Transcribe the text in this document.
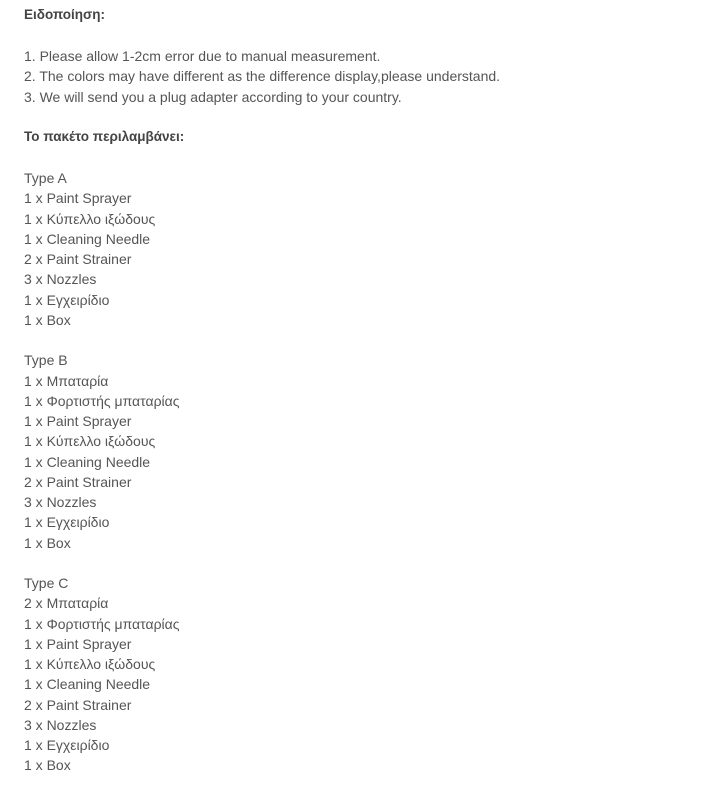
Ειδοποίηση:
1. Please allow 1-2cm error due to manual measurement.
2. The colors may have different as the difference display,please understand.
3. We will send you a plug adapter according to your country.
Το πακέτο περιλαμβάνει:
Type A
1 x Paint Sprayer
1 x Κύπελλο ιξώδους
1 x Cleaning Needle
2 x Paint Strainer
3 x Nozzles
1 x Εγχειρίδιο
1 x Box
Type B
1 x Μπαταρία
1 x Φορτιστής μπαταρίας
1 x Paint Sprayer
1 x Κύπελλο ιξώδους
1 x Cleaning Needle
2 x Paint Strainer
3 x Nozzles
1 x Εγχειρίδιο
1 x Box
Type C
2 x Μπαταρία
1 x Φορτιστής μπαταρίας
1 x Paint Sprayer
1 x Κύπελλο ιξώδους
1 x Cleaning Needle
2 x Paint Strainer
3 x Nozzles
1 x Εγχειρίδιο
1 x Box
